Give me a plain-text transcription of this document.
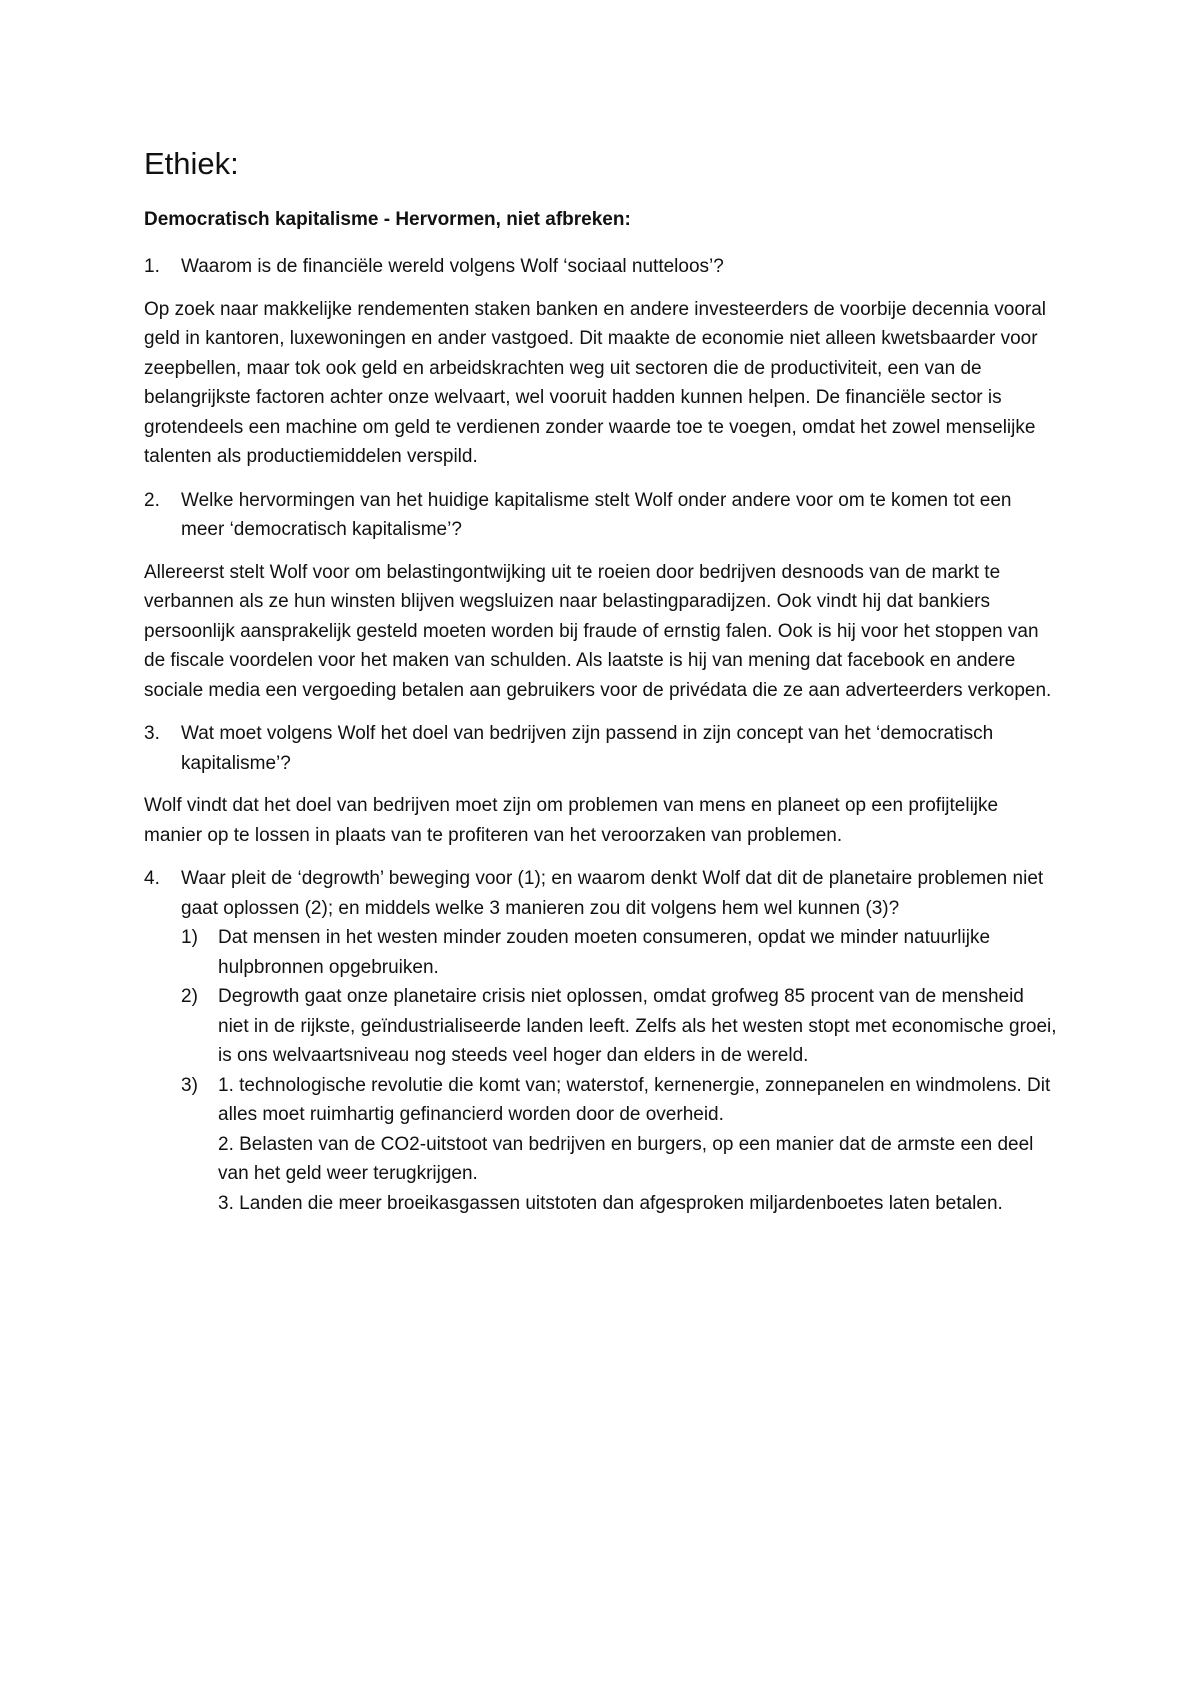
Ethiek:
Democratisch kapitalisme - Hervormen, niet afbreken:
1.	Waarom is de financiële wereld volgens Wolf ‘sociaal nutteloos’?

Op zoek naar makkelijke rendementen staken banken en andere investeerders de voorbije decennia vooral geld in kantoren, luxewoningen en ander vastgoed. Dit maakte de economie niet alleen kwetsbaarder voor zeepbellen, maar tok ook geld en arbeidskrachten weg uit sectoren die de productiviteit, een van de belangrijkste factoren achter onze welvaart, wel vooruit hadden kunnen helpen. De financiële sector is grotendeels een machine om geld te verdienen zonder waarde toe te voegen, omdat het zowel menselijke talenten als productiemiddelen verspild.

2.	Welke hervormingen van het huidige kapitalisme stelt Wolf onder andere voor om te komen tot een meer ‘democratisch kapitalisme’?

Allereerst stelt Wolf voor om belastingontwijking uit te roeien door bedrijven desnoods van de markt te verbannen als ze hun winsten blijven wegsluizen naar belastingparadijzen. Ook vindt hij dat bankiers persoonlijk aansprakelijk gesteld moeten worden bij fraude of ernstig falen. Ook is hij voor het stoppen van de fiscale voordelen voor het maken van schulden. Als laatste is hij van mening dat facebook en andere sociale media een vergoeding betalen aan gebruikers voor de privédata die ze aan adverteerders verkopen.

3.	Wat moet volgens Wolf het doel van bedrijven zijn passend in zijn concept van het ‘democratisch kapitalisme’?

Wolf vindt dat het doel van bedrijven moet zijn om problemen van mens en planeet op een profijtelijke manier op te lossen in plaats van te profiteren van het veroorzaken van problemen.

4.	Waar pleit de ‘degrowth’ beweging voor (1); en waarom denkt Wolf dat dit de planetaire problemen niet gaat oplossen (2); en middels welke 3 manieren zou dit volgens hem wel kunnen (3)?
1)	Dat mensen in het westen minder zouden moeten consumeren, opdat we minder natuurlijke hulpbronnen opgebruiken.
2)	Degrowth gaat onze planetaire crisis niet oplossen, omdat grofweg 85 procent van de mensheid niet in de rijkste, geïndustrialiseerde landen leeft. Zelfs als het westen stopt met economische groei, is ons welvaartsniveau nog steeds veel hoger dan elders in de wereld.
3)	1. technologische revolutie die komt van; waterstof, kernenergie, zonnepanelen en windmolens. Dit alles moet ruimhartig gefinancierd worden door de overheid.
2. Belasten van de CO2-uitstoot van bedrijven en burgers, op een manier dat de armste een deel van het geld weer terugkrijgen.
3. Landen die meer broeikasgassen uitstoten dan afgesproken miljardenboetes laten betalen.
